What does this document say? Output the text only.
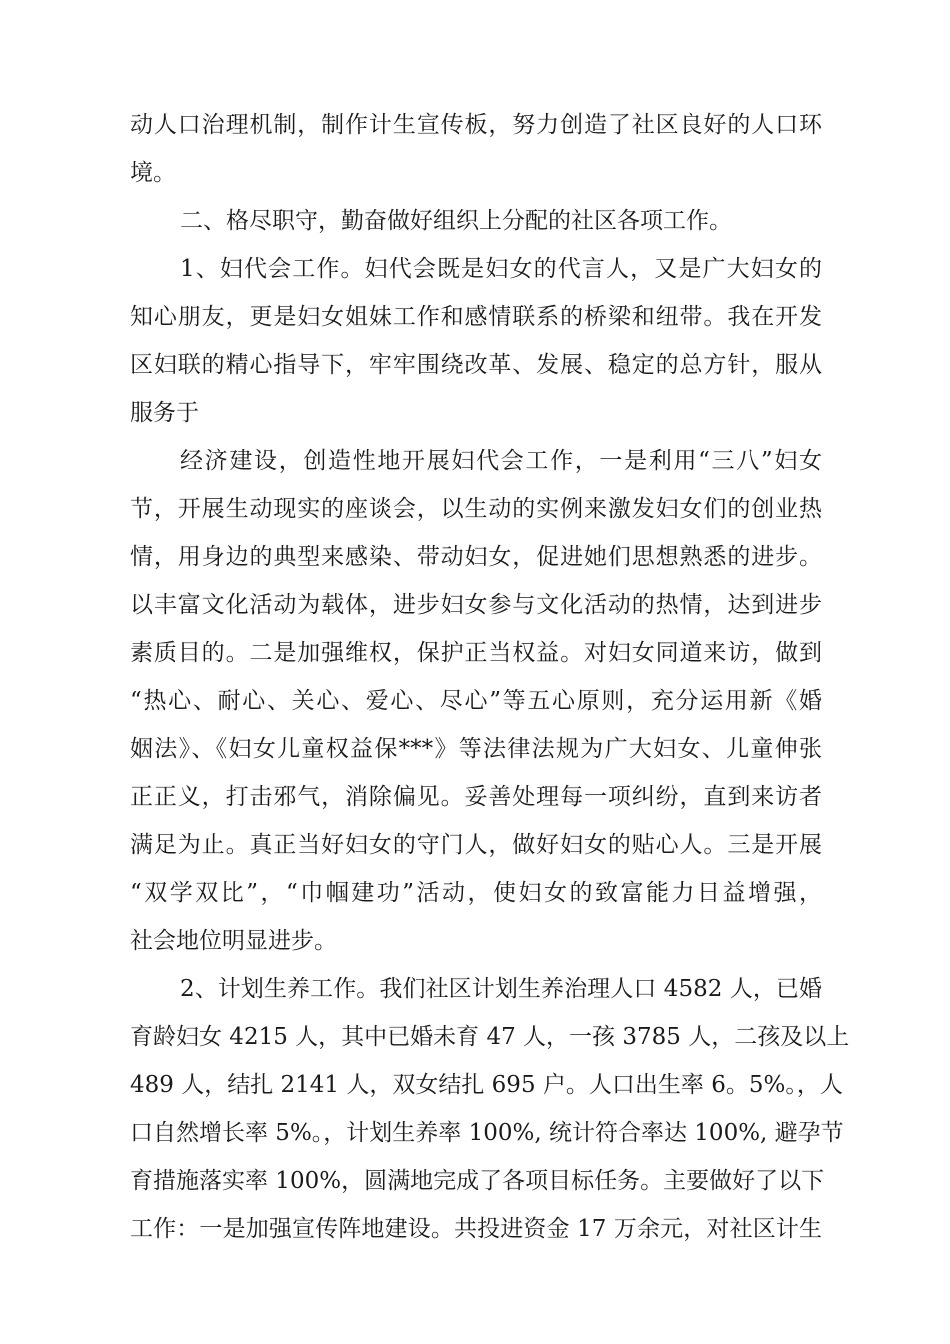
动人口治理机制，制作计生宣传板，努力创造了社区良好的人口环
境。
二、格尽职守，勤奋做好组织上分配的社区各项工作。
1、妇代会工作。妇代会既是妇女的代言人，又是广大妇女的
知心朋友，更是妇女姐妹工作和感情联系的桥梁和纽带。我在开发
区妇联的精心指导下，牢牢围绕改革、发展、稳定的总方针，服从
服务于
经济建设，创造性地开展妇代会工作，一是利用“三八”妇女
节，开展生动现实的座谈会，以生动的实例来激发妇女们的创业热
情，用身边的典型来感染、带动妇女，促进她们思想熟悉的进步。
以丰富文化活动为载体，进步妇女参与文化活动的热情，达到进步
素质目的。二是加强维权，保护正当权益。对妇女同道来访，做到
“热心、耐心、关心、爱心、尽心”等五心原则，充分运用新《婚
姻法》、《妇女儿童权益保***》等法律法规为广大妇女、儿童伸张
正正义，打击邪气，消除偏见。妥善处理每一项纠纷，直到来访者
满足为止。真正当好妇女的守门人，做好妇女的贴心人。三是开展
“双学双比”，“巾帼建功”活动，使妇女的致富能力日益增强，
社会地位明显进步。
2、计划生养工作。我们社区计划生养治理人口 4582 人，已婚
育龄妇女 4215 人，其中已婚未育 47 人，一孩 3785 人，二孩及以上
489 人，结扎 2141 人，双女结扎 695 户。人口出生率 6。5%。，人
口自然增长率 5%。，计划生养率 100%, 统计符合率达 100%, 避孕节
育措施落实率 100%，圆满地完成了各项目标任务。主要做好了以下
工作：一是加强宣传阵地建设。共投进资金 17 万余元，对社区计生
